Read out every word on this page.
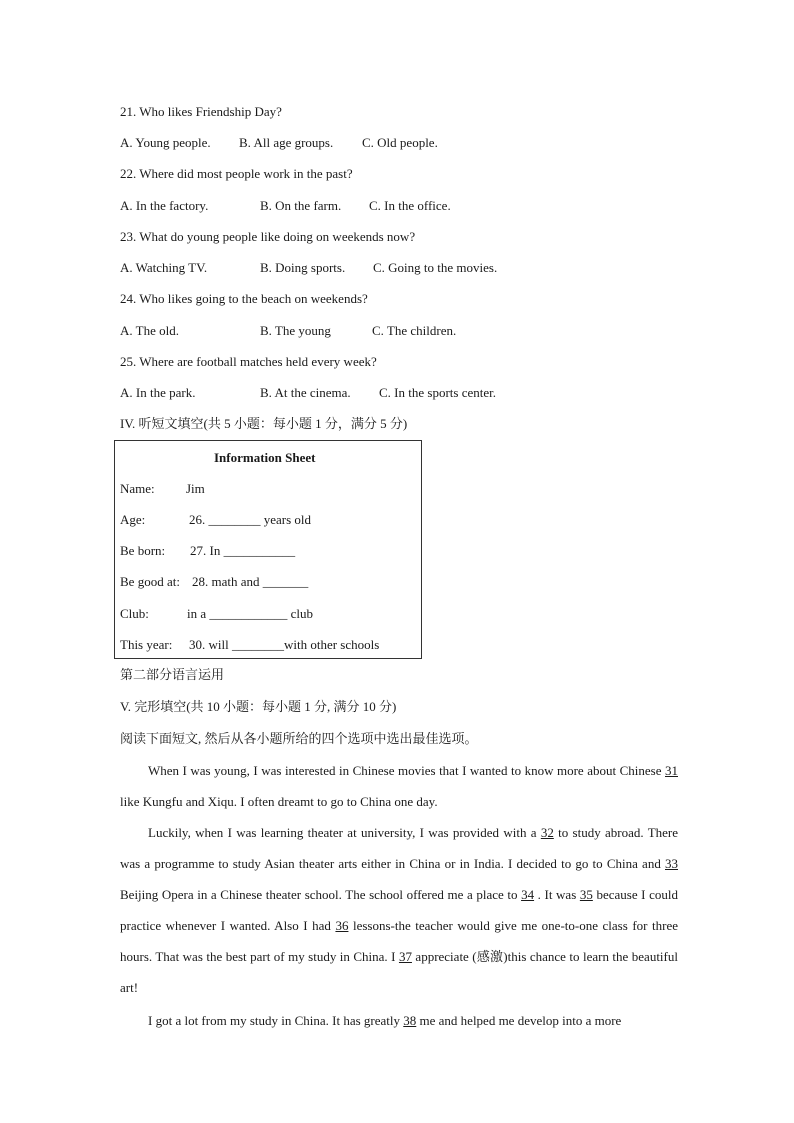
21. Who likes Friendship Day?
A. Young people. B. All age groups. C. Old people.
22. Where did most people work in the past?
A. In the factory.	B. On the farm. C. In the office.
23. What do young people like doing on weekends now?
A. Watching TV.	B. Doing sports. C. Going to the movies.
24. Who likes going to the beach on weekends?
A. The old.	B. The young	C. The children.
25. Where are football matches held every week?
A. In the park.	B. At the cinema. C. In the sports center.
IV. 听短文填空(共 5 小题：每小题 1 分，满分 5 分)
Information Sheet
Name: Jim
Age:	26. ________ years old
Be born: 27. In ___________
Be good at: 28. math and _______
Club:	in a ____________ club
This year: 30. will ________with other schools
第二部分语言运用
V. 完形填空(共 10 小题：每小题 1 分, 满分 10 分)
阅读下面短文, 然后从各小题所给的四个选项中选出最佳选项。
When I was young, I was interested in Chinese movies that I wanted to know more about Chinese 31 like Kungfu and Xiqu. I often dreamt to go to China one day.
Luckily, when I was learning theater at university, I was provided with a 32 to study abroad. There was a programme to study Asian theater arts either in China or in India. I decided to go to China and 33 Beijing Opera in a Chinese theater school. The school offered me a place to 34 . It was 35 because I could practice whenever I wanted. Also I had 36 lessons-the teacher would give me one-to-one class for three hours. That was the best part of my study in China. I 37 appreciate (感激)this chance to learn the beautiful art!
I got a lot from my study in China. It has greatly 38 me and helped me develop into a more
